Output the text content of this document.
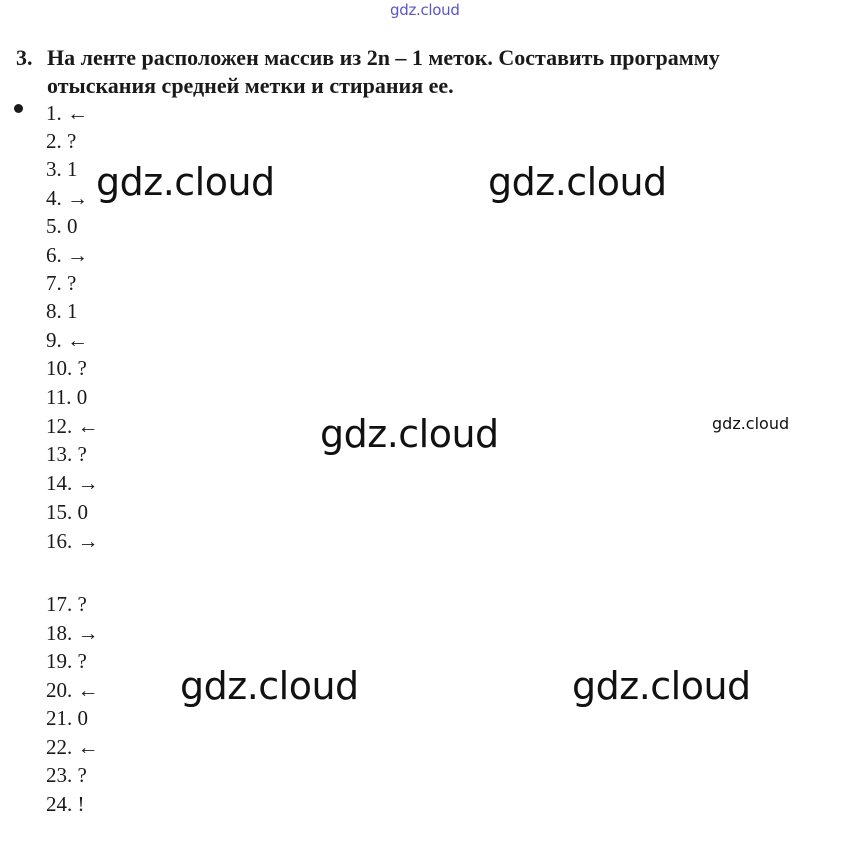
gdz.cloud
3. На ленте расположен массив из 2n – 1 меток. Составить программу отыскания средней метки и стирания ее.
1. ←
2. ?
3. 1
4. →
5. 0
6. →
7. ?
8. 1
9. ←
10. ?
11. 0
12. ←
13. ?
14. →
15. 0
16. →
17. ?
18. →
19. ?
20. ←
21. 0
22. ←
23. ?
24. !
gdz.cloud	gdz.cloud
gdz.cloud	gdz.cloud
gdz.cloud	gdz.cloud
